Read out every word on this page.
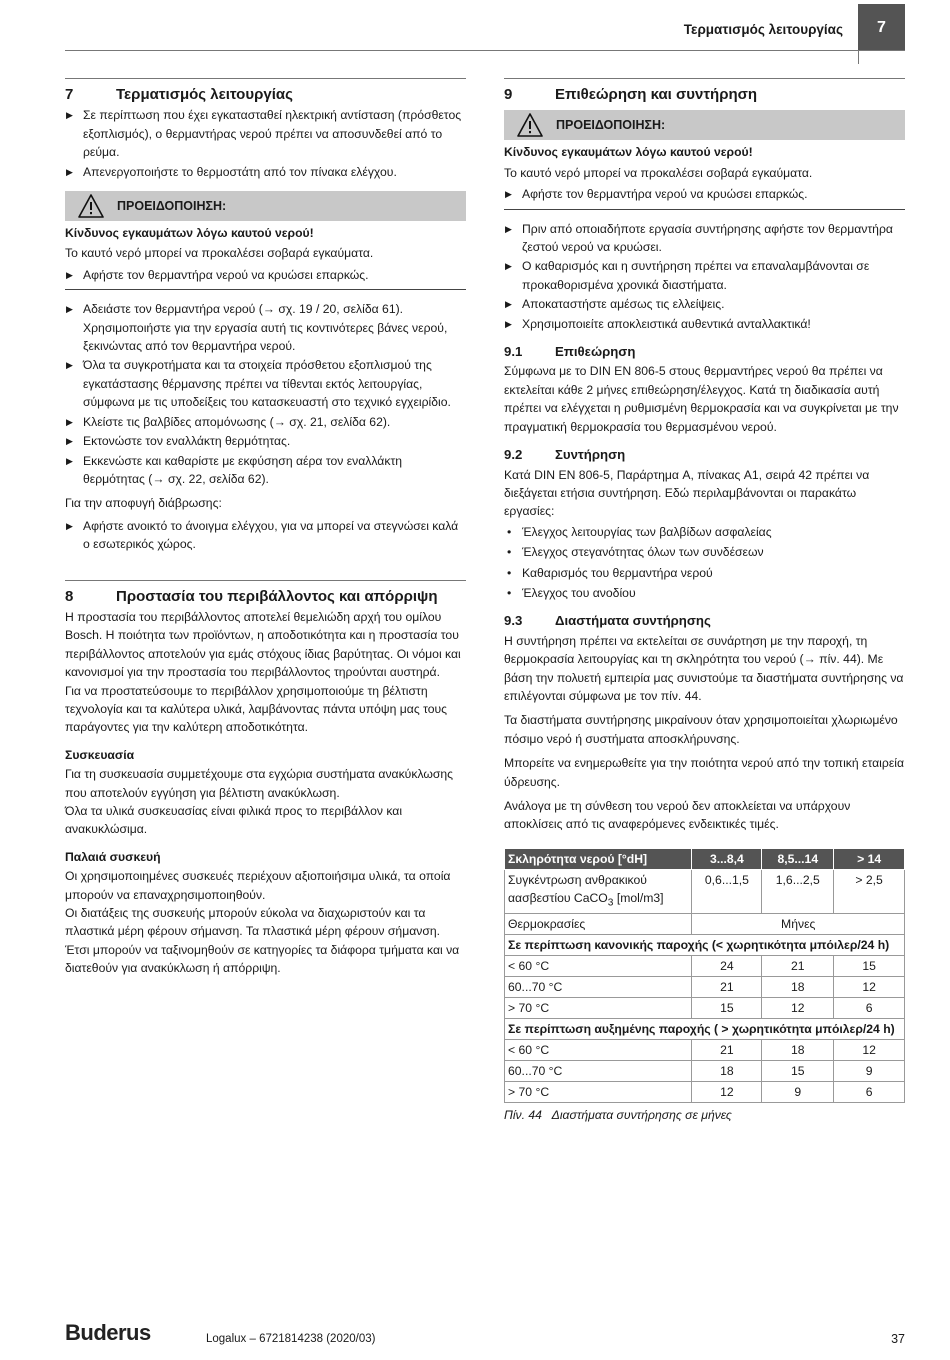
Τερματισμός λειτουργίας	7
7	Τερματισμός λειτουργίας
▶ Σε περίπτωση που έχει εγκατασταθεί ηλεκτρική αντίσταση (πρόσθετος εξοπλισμός), ο θερμαντήρας νερού πρέπει να αποσυνδεθεί από το ρεύμα.
▶ Απενεργοποιήστε το θερμοστάτη από τον πίνακα ελέγχου.
ΠΡΟΕΙΔΟΠΟΙΗΣΗ:

Κίνδυνος εγκαυμάτων λόγω καυτού νερού!

Το καυτό νερό μπορεί να προκαλέσει σοβαρά εγκαύματα.

▶ Αφήστε τον θερμαντήρα νερού να κρυώσει επαρκώς.
▶ Αδειάστε τον θερμαντήρα νερού (→ σχ. 19 / 20, σελίδα 61). Χρησιμοποιήστε για την εργασία αυτή τις κοντινότερες βάνες νερού, ξεκινώντας από τον θερμαντήρα νερού.
▶ Όλα τα συγκροτήματα και τα στοιχεία πρόσθετου εξοπλισμού της εγκατάστασης θέρμανσης πρέπει να τίθενται εκτός λειτουργίας, σύμφωνα με τις υποδείξεις του κατασκευαστή στο τεχνικό εγχειρίδιο.
▶ Κλείστε τις βαλβίδες απομόνωσης (→ σχ. 21, σελίδα 62).
▶ Εκτονώστε τον εναλλάκτη θερμότητας.
▶ Εκκενώστε και καθαρίστε με εκφύσηση αέρα τον εναλλάκτη θερμότητας (→ σχ. 22, σελίδα 62).

Για την αποφυγή διάβρωσης:

▶ Αφήστε ανοικτό το άνοιγμα ελέγχου, για να μπορεί να στεγνώσει καλά ο εσωτερικός χώρος.
8	Προστασία του περιβάλλοντος και απόρριψη

Η προστασία του περιβάλλοντος αποτελεί θεμελιώδη αρχή του ομίλου Bosch. Η ποιότητα των προϊόντων, η αποδοτικότητα και η προστασία του περιβάλλοντος αποτελούν για εμάς στόχους ίδιας βαρύτητας. Οι νόμοι και κανονισμοί για την προστασία του περιβάλλοντος τηρούνται αυστηρά.

Για να προστατεύσουμε το περιβάλλον χρησιμοποιούμε τη βέλτιστη τεχνολογία και τα καλύτερα υλικά, λαμβάνοντας πάντα υπόψη μας τους παράγοντες για την καλύτερη αποδοτικότητα.

Συσκευασία

Για τη συσκευασία συμμετέχουμε στα εγχώρια συστήματα ανακύκλωσης που αποτελούν εγγύηση για βέλτιστη ανακύκλωση.

Όλα τα υλικά συσκευασίας είναι φιλικά προς το περιβάλλον και ανακυκλώσιμα.

Παλαιά συσκευή

Οι χρησιμοποιημένες συσκευές περιέχουν αξιοποιήσιμα υλικά, τα οποία μπορούν να επαναχρησιμοποιηθούν.

Οι διατάξεις της συσκευής μπορούν εύκολα να διαχωριστούν και τα πλαστικά μέρη φέρουν σήμανση. Τα πλαστικά μέρη φέρουν σήμανση. Έτσι μπορούν να ταξινομηθούν σε κατηγορίες τα διάφορα τμήματα και να διατεθούν για ανακύκλωση ή απόρριψη.

9	Επιθεώρηση και συντήρηση
ΠΡΟΕΙΔΟΠΟΙΗΣΗ:

Κίνδυνος εγκαυμάτων λόγω καυτού νερού!

Το καυτό νερό μπορεί να προκαλέσει σοβαρά εγκαύματα.

▶ Αφήστε τον θερμαντήρα νερού να κρυώσει επαρκώς.
▶ Πριν από οποιαδήποτε εργασία συντήρησης αφήστε τον θερμαντήρα ζεστού νερού να κρυώσει.
▶ Ο καθαρισμός και η συντήρηση πρέπει να επαναλαμβάνονται σε προκαθορισμένα χρονικά διαστήματα.
▶ Αποκαταστήστε αμέσως τις ελλείψεις.
▶ Χρησιμοποιείτε αποκλειστικά αυθεντικά ανταλλακτικά!
9.1 Επιθεώρηση

Σύμφωνα με το DIN EN 806-5 στους θερμαντήρες νερού θα πρέπει να εκτελείται κάθε 2 μήνες επιθεώρηση/έλεγχος. Κατά τη διαδικασία αυτή πρέπει να ελέγχεται η ρυθμισμένη θερμοκρασία και να συγκρίνεται με την πραγματική θερμοκρασία του θερμασμένου νερού.

9.2 Συντήρηση

Κατά DIN EN 806-5, Παράρτημα A, πίνακας A1, σειρά 42 πρέπει να διεξάγεται ετήσια συντήρηση. Εδώ περιλαμβάνονται οι παρακάτω εργασίες:

• Έλεγχος λειτουργίας των βαλβίδων ασφαλείας
• Έλεγχος στεγανότητας όλων των συνδέσεων
• Καθαρισμός του θερμαντήρα νερού
• Έλεγχος του ανοδίου
9.3 Διαστήματα συντήρησης

Η συντήρηση πρέπει να εκτελείται σε συνάρτηση με την παροχή, τη θερμοκρασία λειτουργίας και τη σκληρότητα του νερού (→ πίν. 44). Με βάση την πολυετή εμπειρία μας συνιστούμε τα διαστήματα συντήρησης να επιλέγονται σύμφωνα με τον πίν. 44.

Τα διαστήματα συντήρησης μικραίνουν όταν χρησιμοποιείται χλωριωμένο πόσιμο νερό ή συστήματα αποσκλήρυνσης.

Μπορείτε να ενημερωθείτε για την ποιότητα νερού από την τοπική εταιρεία ύδρευσης.

Ανάλογα με τη σύνθεση του νερού δεν αποκλείεται να υπάρχουν αποκλίσεις από τις αναφερόμενες ενδεικτικές τιμές.

Σκληρότητα νερού [°dH]	3...8,4	8,5...14	> 14
Συγκέντρωση ανθρακικού αασβεστίου CaCO$_3$ [mol/m3]	0,6...1,5	1,6...2,5	> 2,5
Θερμοκρασίες	Μήνες		
Σε περίπτωση κανονικής παροχής (< χωρητικότητα μπόιλερ/24 h)			
< 60 °C	24	21	15
60...70 °C	21	18	12
> 70 °C	15	12	6
Σε περίπτωση αυξημένης παροχής ( > χωρητικότητα μπόιλερ/24 h)			
< 60 °C	21	18	12
60...70 °C	18	15	9
> 70 °C	12	9	6
Πίν. 44   Διαστήματα συντήρησης σε μήνες
Buderus	Logalux – 6721814238 (2020/03)	37
